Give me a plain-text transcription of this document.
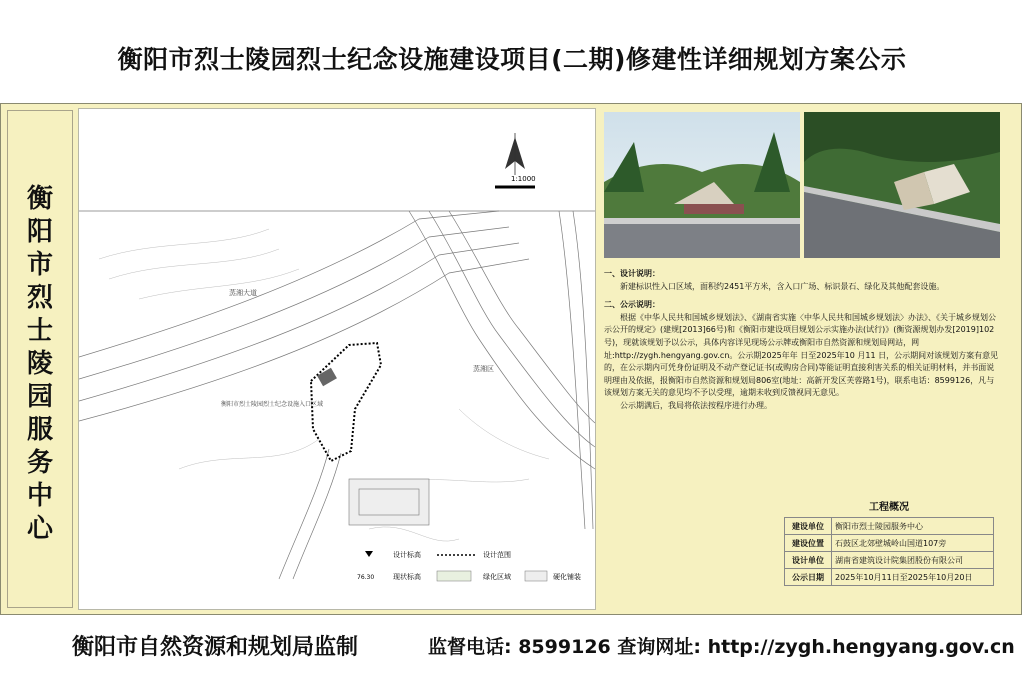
衡阳市烈士陵园烈士纪念设施建设项目(二期)修建性详细规划方案公示
衡
阳
市
烈
士
陵
园
服
务
中
心
1:1000
蒸湘大道
衡阳市烈士陵园烈士纪念设施入口区域
蒸湘区
设计标高	设计范围
76.30	现状标高	绿化区域	硬化铺装

一、设计说明：

新建标识性入口区域，面积约2451平方米，含入口广场、标识景石、绿化及其他配套设施。

二、公示说明：

根据《中华人民共和国城乡规划法》、《湖南省实施〈中华人民共和国城乡规划法〉办法》、《关于城乡规划公示公开的规定》(建规[2013]66号)和《衡阳市建设项目规划公示实施办法(试行)》(衡资源规划办发[2019]102号)，现就该规划予以公示，具体内容详见现场公示牌或衡阳市自然资源和规划局网站，网址:http://zygh.hengyang.gov.cn。公示期2025年年 日至2025年10 月11 日，公示期间对该规划方案有意见的，在公示期内可凭身份证明及不动产登记证书(或购房合同)等能证明直接利害关系的相关证明材料，并书面说明理由及依据，报衡阳市自然资源和规划局806室(地址：高新开发区芙蓉路1号)，联系电话：8599126，凡与该规划方案无关的意见均不予以受理，逾期未收到反馈视同无意见。

公示期满后，我局将依法按程序进行办理。

工程概况
建设单位	衡阳市烈士陵园服务中心
建设位置	石鼓区北郊壁城岭山国道107旁
设计单位	湖南省建筑设计院集团股份有限公司
公示日期	2025年10月11日至2025年10月20日
衡阳市自然资源和规划局监制	监督电话: 8599126 查询网址: http://zygh.hengyang.gov.cn
